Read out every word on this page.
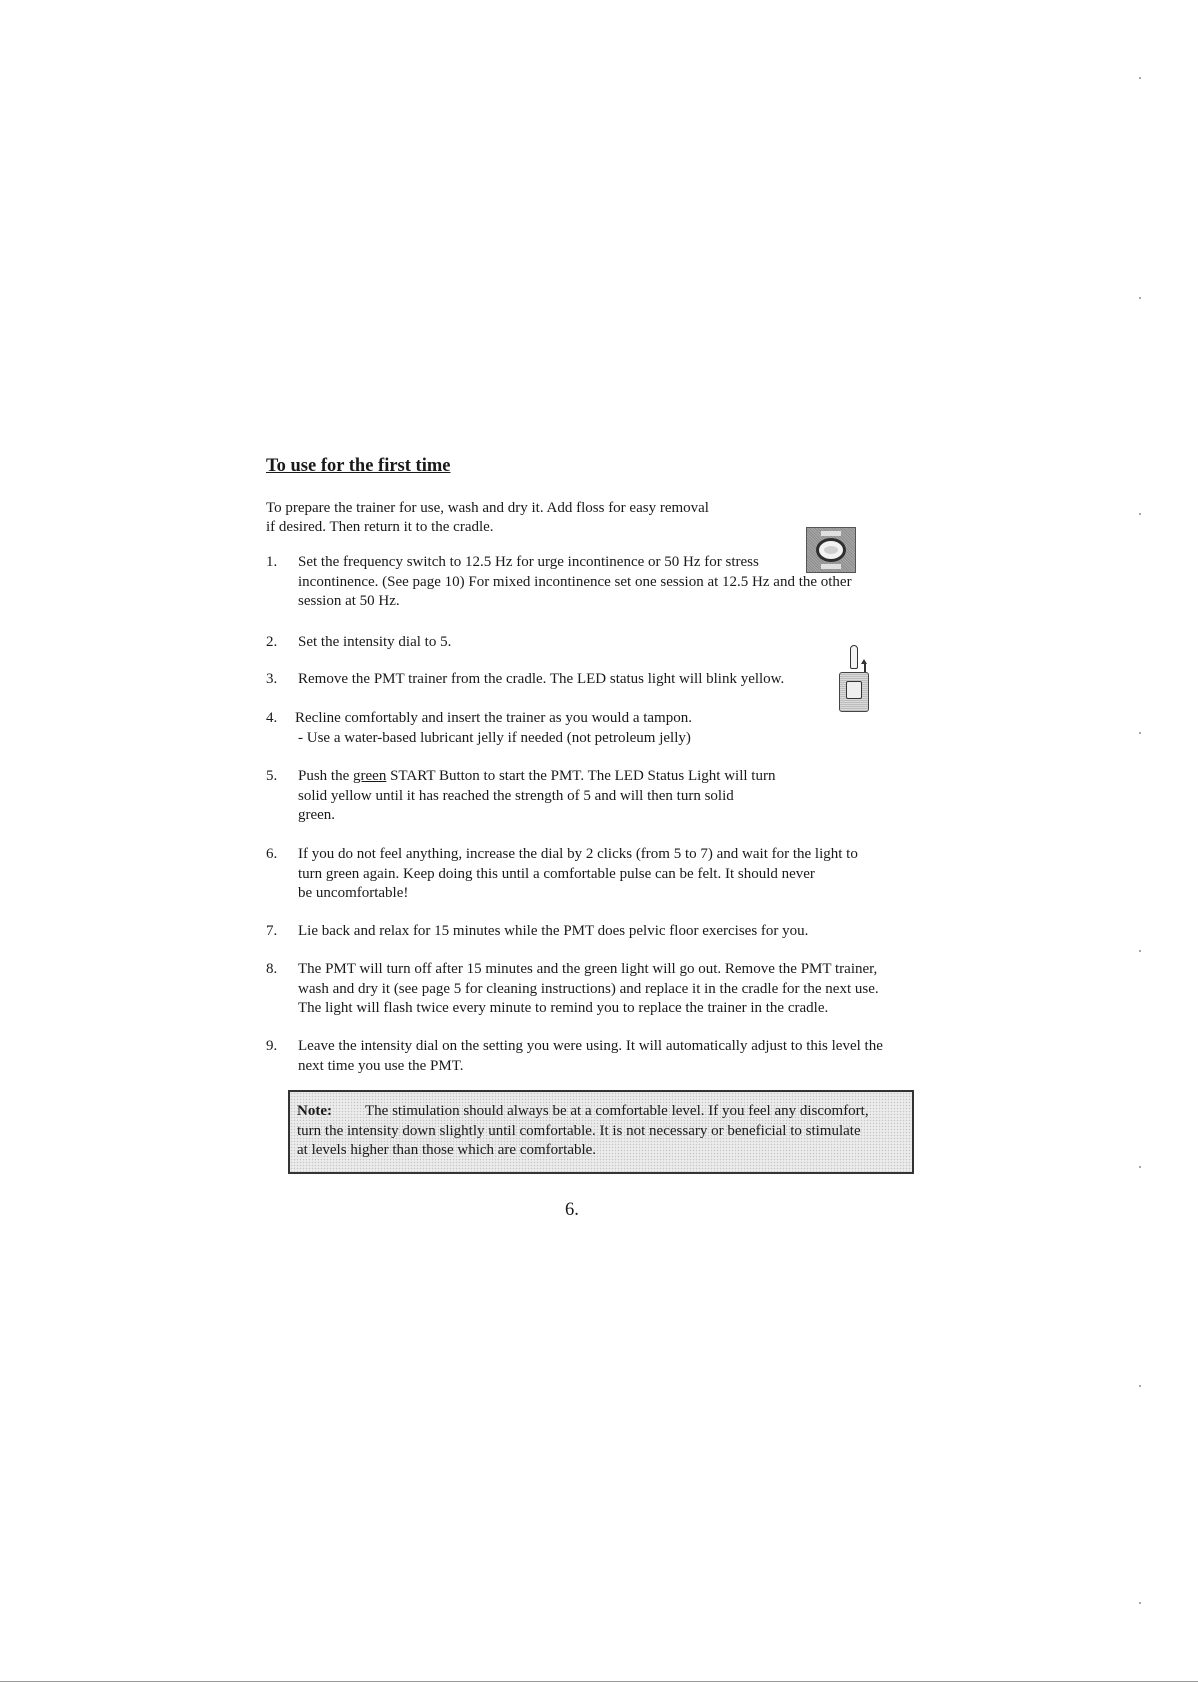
To use for the first time
To prepare the trainer for use, wash and dry it. Add floss for easy removal
if desired. Then return it to the cradle.
1. Set the frequency switch to 12.5 Hz for urge incontinence or 50 Hz for stress
incontinence. (See page 10) For mixed incontinence set one session at 12.5 Hz and the other
session at 50 Hz.
2. Set the intensity dial to 5.
3. Remove the PMT trainer from the cradle. The LED status light will blink yellow.
4. Recline comfortably and insert the trainer as you would a tampon.
- Use a water-based lubricant jelly if needed (not petroleum jelly)
5. Push the green START Button to start the PMT. The LED Status Light will turn
solid yellow until it has reached the strength of 5 and will then turn solid
green.
6. If you do not feel anything, increase the dial by 2 clicks (from 5 to 7) and wait for the light to
turn green again. Keep doing this until a comfortable pulse can be felt. It should never
be uncomfortable!
7. Lie back and relax for 15 minutes while the PMT does pelvic floor exercises for you.
8. The PMT will turn off after 15 minutes and the green light will go out. Remove the PMT trainer,
wash and dry it (see page 5 for cleaning instructions) and replace it in the cradle for the next use.
The light will flash twice every minute to remind you to replace the trainer in the cradle.
9. Leave the intensity dial on the setting you were using. It will automatically adjust to this level the
next time you use the PMT.
Note: The stimulation should always be at a comfortable level. If you feel any discomfort,
turn the intensity down slightly until comfortable. It is not necessary or beneficial to stimulate
at levels higher than those which are comfortable.
6.
